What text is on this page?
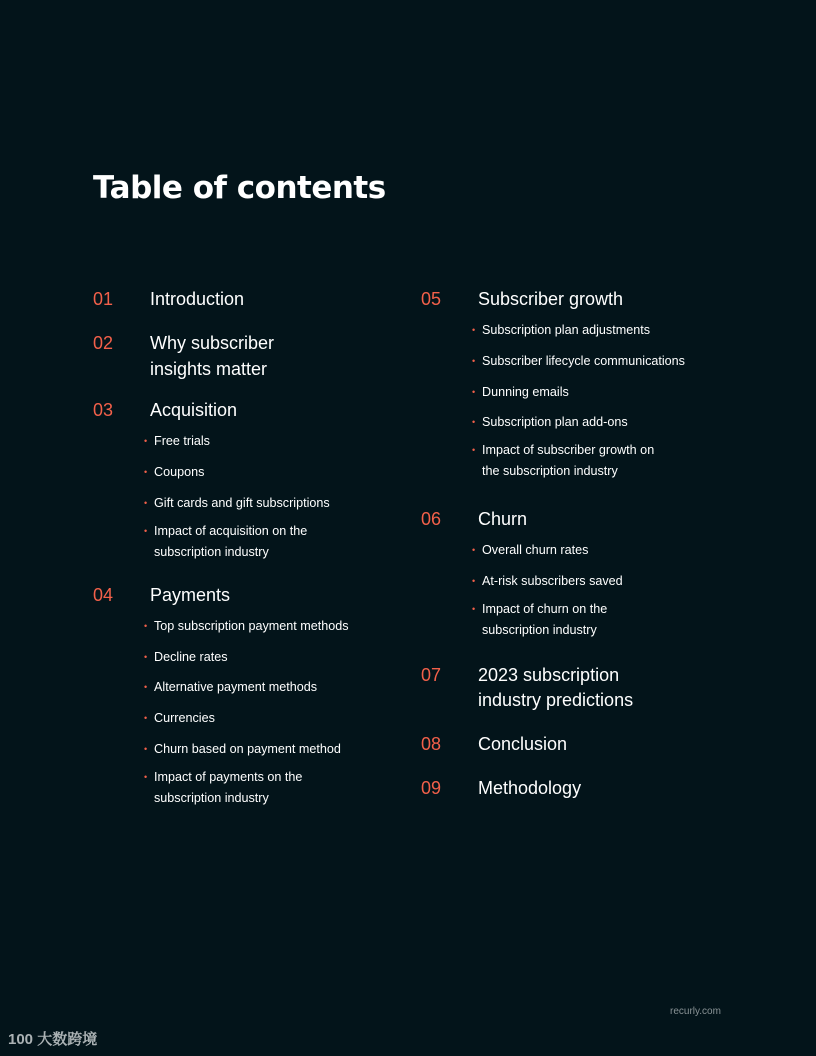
Table of contents
01 Introduction
02 Why subscriber
insights matter
03 Acquisition
• Free trials
• Coupons
• Gift cards and gift subscriptions
• Impact of acquisition on the
subscription industry
04 Payments
• Top subscription payment methods
• Decline rates
• Alternative payment methods
• Currencies
• Churn based on payment method
• Impact of payments on the
subscription industry
05 Subscriber growth
• Subscription plan adjustments
• Subscriber lifecycle communications
• Dunning emails
• Subscription plan add-ons
• Impact of subscriber growth on
the subscription industry
06 Churn
• Overall churn rates
• At-risk subscribers saved
• Impact of churn on the
subscription industry
07 2023 subscription
industry predictions
08 Conclusion
09 Methodology
recurly.com
100 大数跨境
